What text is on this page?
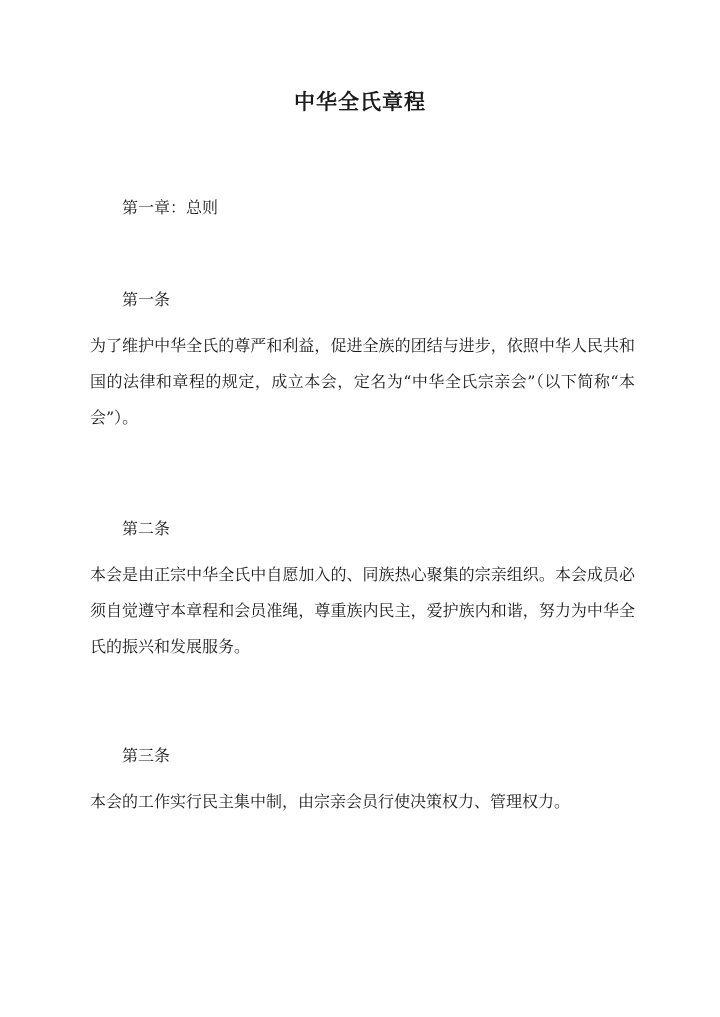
中华全氏章程

第一章：总则

第一条

为了维护中华全氏的尊严和利益，促进全族的团结与进步，依照中华人民共和国的法律和章程的规定，成立本会，定名为“中华全氏宗亲会”（以下简称“本会”）。

第二条

本会是由正宗中华全氏中自愿加入的、同族热心聚集的宗亲组织。本会成员必须自觉遵守本章程和会员准绳，尊重族内民主，爱护族内和谐，努力为中华全氏的振兴和发展服务。

第三条

本会的工作实行民主集中制，由宗亲会员行使决策权力、管理权力。
